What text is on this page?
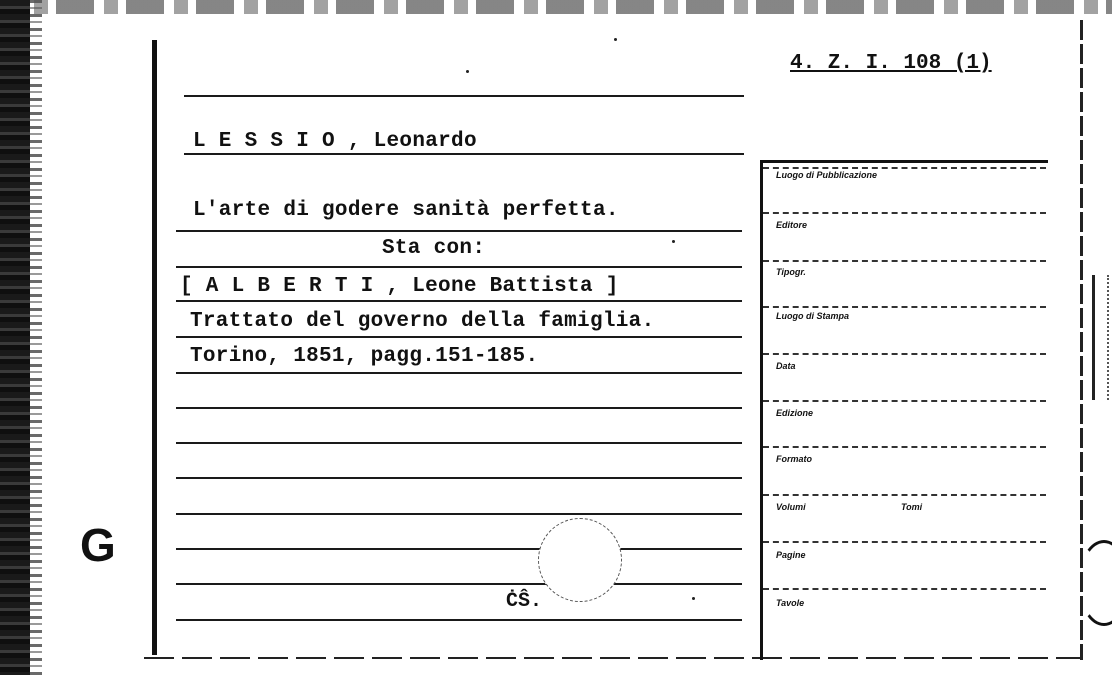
4. Z. I. 108 (1)
L E S S I O , Leonardo
L'arte di godere sanità perfetta.
Sta con:
[ A L B E R T I , Leone Battista ]
Trattato del governo della famiglia.
Torino, 1851, pagg.151-185.
G
ĊŜ.
Luogo di Pubblicazione
Editore
Tipogr.
Luogo di Stampa
Data
Edizione
Formato
Volumi	Tomi
Pagine
Tavole
